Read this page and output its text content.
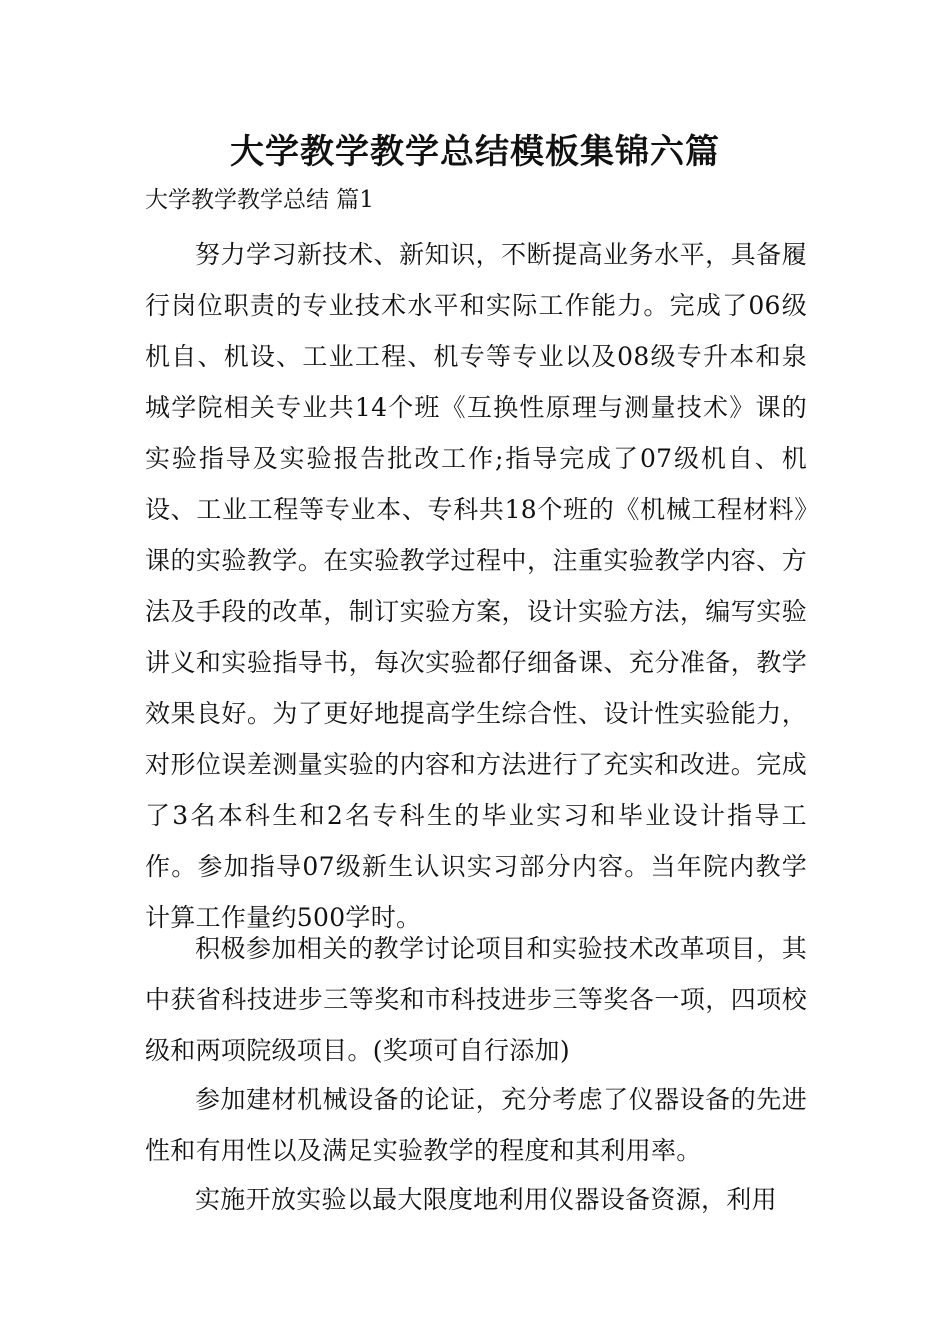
大学教学教学总结模板集锦六篇
大学教学教学总结 篇1

努力学习新技术、新知识，不断提高业务水平，具备履行岗位职责的专业技术水平和实际工作能力。完成了06级机自、机设、工业工程、机专等专业以及08级专升本和泉城学院相关专业共14个班《互换性原理与测量技术》课的实验指导及实验报告批改工作;指导完成了07级机自、机设、工业工程等专业本、专科共18个班的《机械工程材料》课的实验教学。在实验教学过程中，注重实验教学内容、方法及手段的改革，制订实验方案，设计实验方法，编写实验讲义和实验指导书，每次实验都仔细备课、充分准备，教学效果良好。为了更好地提高学生综合性、设计性实验能力，对形位误差测量实验的内容和方法进行了充实和改进。完成了3名本科生和2名专科生的毕业实习和毕业设计指导工作。参加指导07级新生认识实习部分内容。当年院内教学计算工作量约500学时。

积极参加相关的教学讨论项目和实验技术改革项目，其中获省科技进步三等奖和市科技进步三等奖各一项，四项校级和两项院级项目。(奖项可自行添加)

参加建材机械设备的论证，充分考虑了仪器设备的先进性和有用性以及满足实验教学的程度和其利用率。

实施开放实验以最大限度地利用仪器设备资源，利用
